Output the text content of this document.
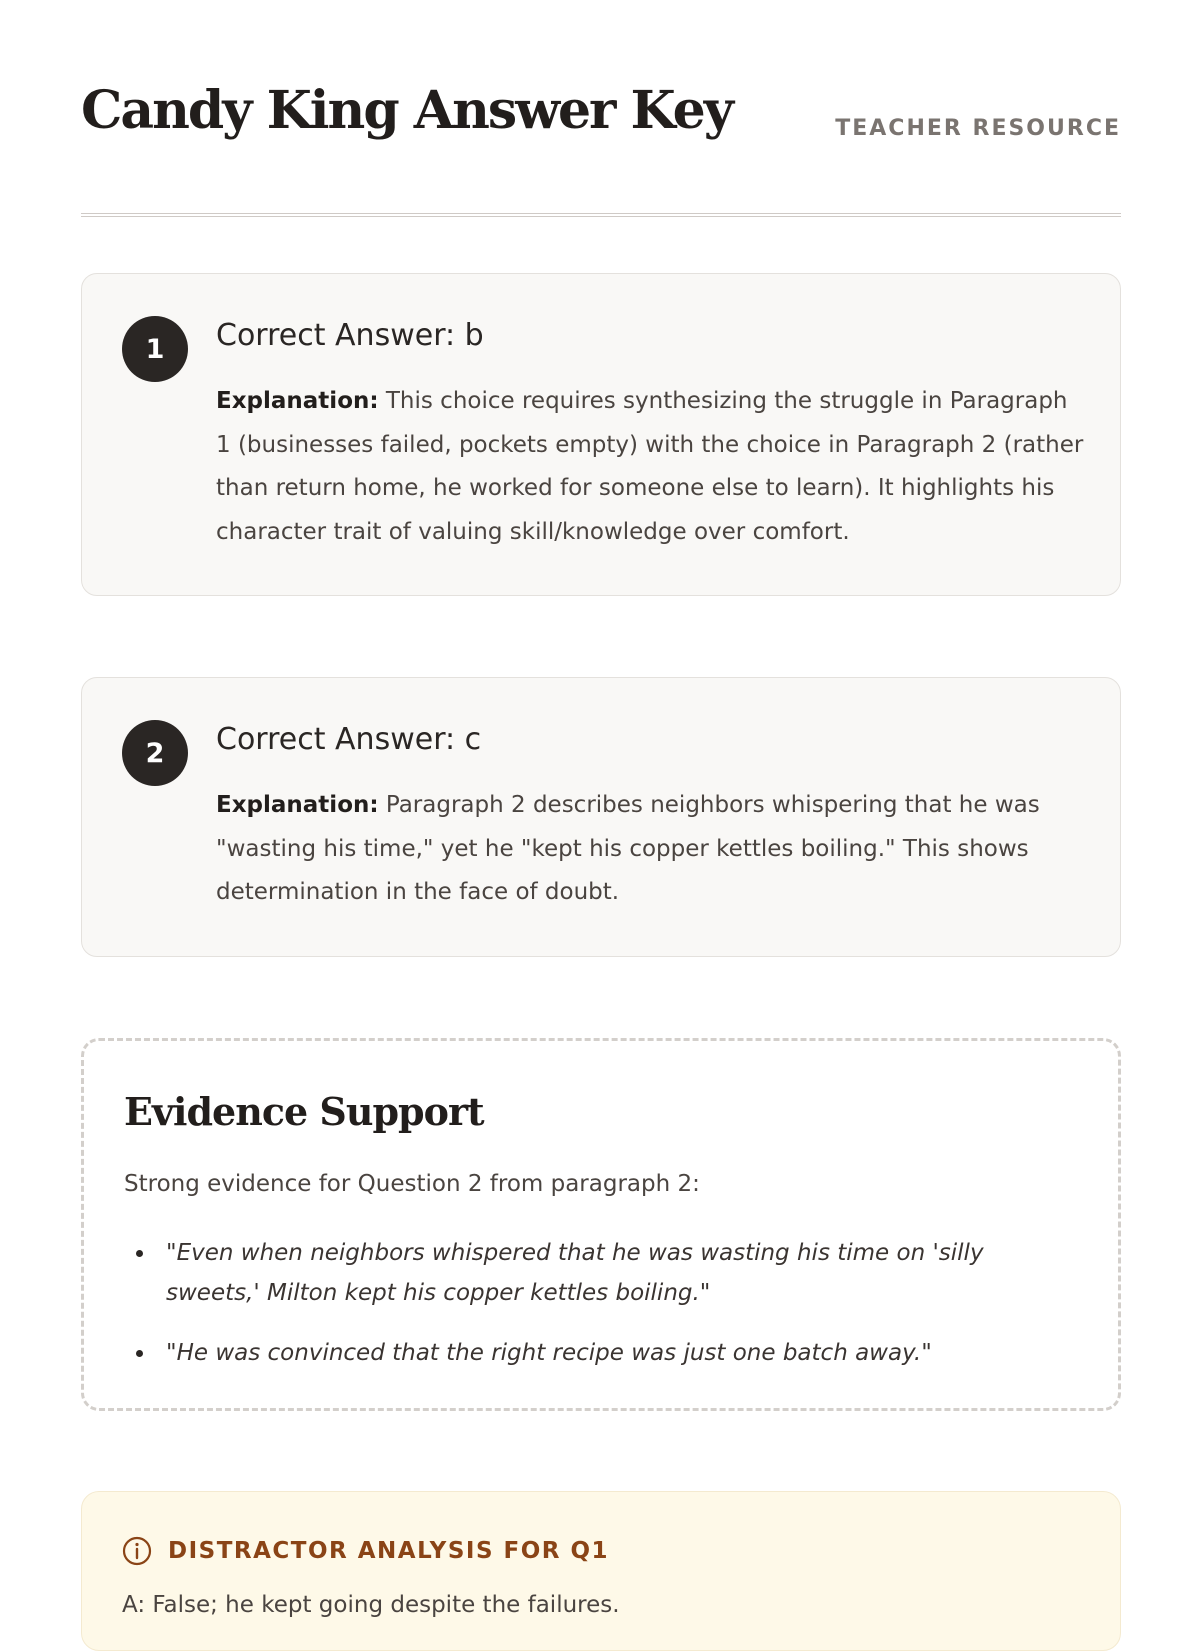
Candy King Answer Key	TEACHER RESOURCE
1	Correct Answer: b

Explanation: This choice requires synthesizing the struggle in Paragraph 1 (businesses failed, pockets empty) with the choice in Paragraph 2 (rather than return home, he worked for someone else to learn). It highlights his character trait of valuing skill/knowledge over comfort.

2	Correct Answer: c

Explanation: Paragraph 2 describes neighbors whispering that he was "wasting his time," yet he "kept his copper kettles boiling." This shows determination in the face of doubt.

Evidence Support

Strong evidence for Question 2 from paragraph 2:

"Even when neighbors whispered that he was wasting his time on 'silly sweets,' Milton kept his copper kettles boiling."
"He was convinced that the right recipe was just one batch away."
DISTRACTOR ANALYSIS FOR Q1
A: False; he kept going despite the failures.
